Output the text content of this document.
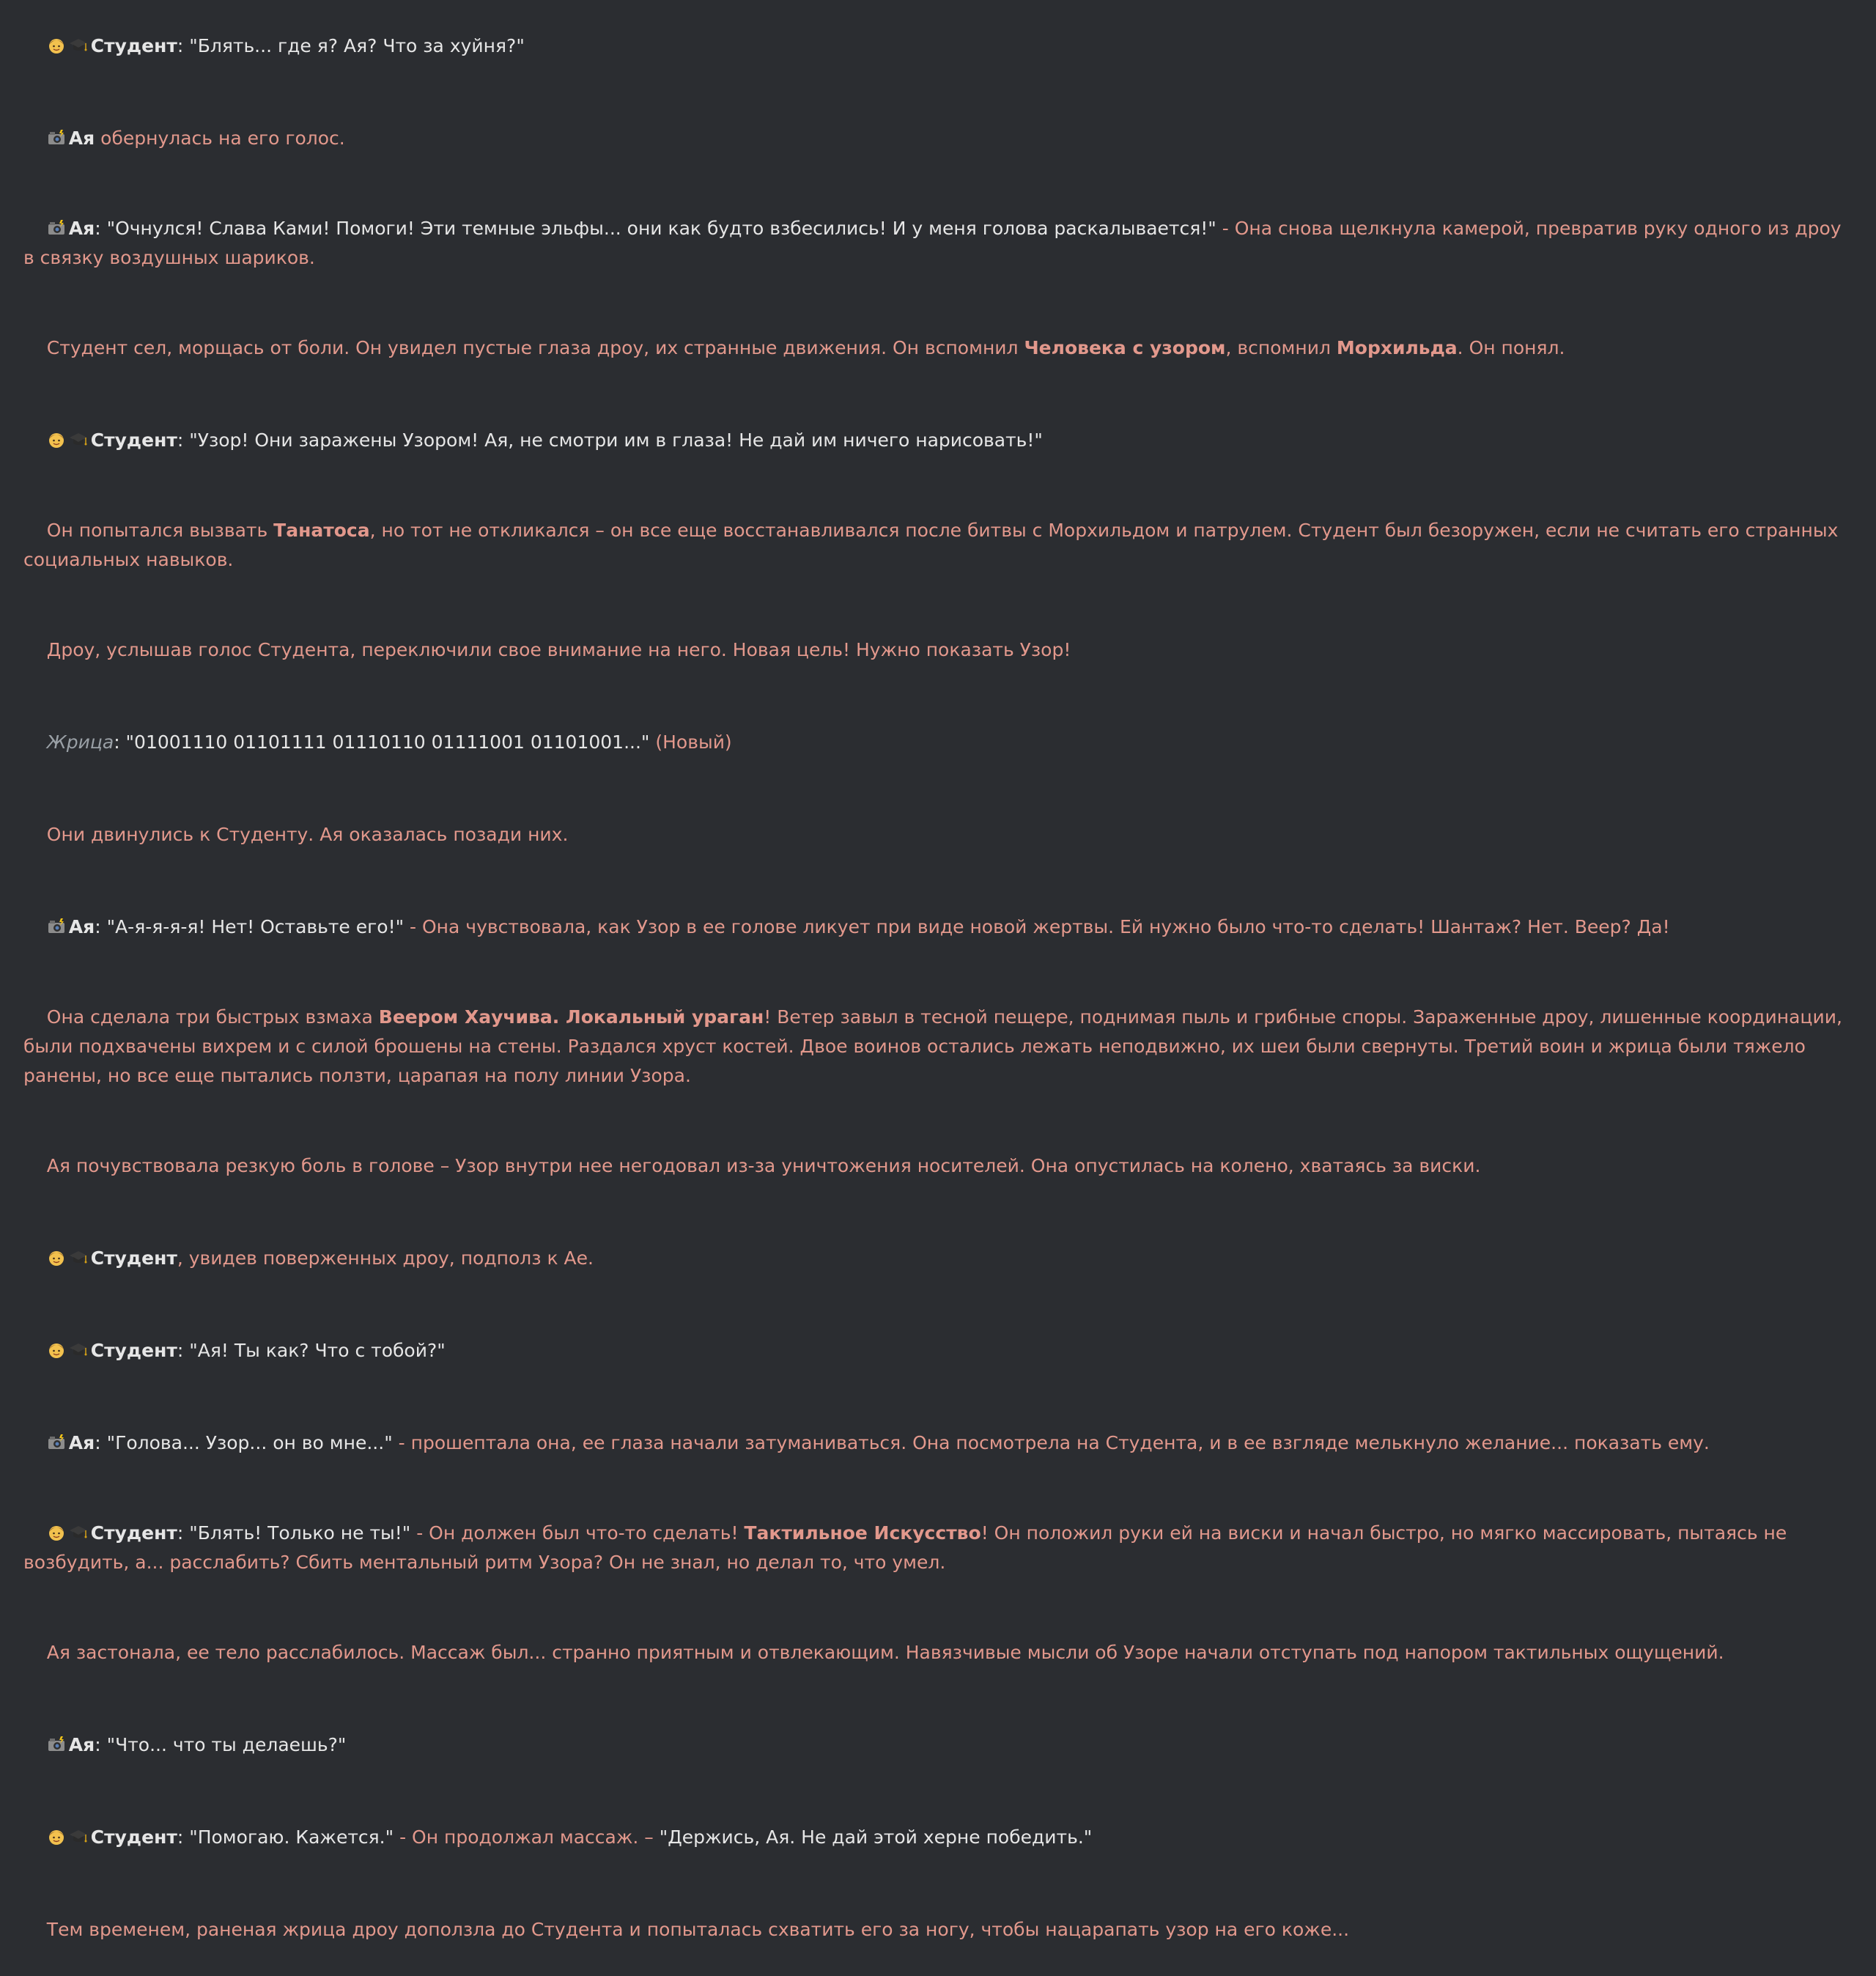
Студент: "Блять... где я? Ая? Что за хуйня?"

Ая обернулась на его голос.

Ая: "Очнулся! Слава Ками! Помоги! Эти темные эльфы... они как будто взбесились! И у меня голова раскалывается!" - Она снова щелкнула камерой, превратив руку одного из дроу в связку воздушных шариков.

Студент сел, морщась от боли. Он увидел пустые глаза дроу, их странные движения. Он вспомнил Человека с узором, вспомнил Морхильда. Он понял.

Студент: "Узор! Они заражены Узором! Ая, не смотри им в глаза! Не дай им ничего нарисовать!"

Он попытался вызвать Танатоса, но тот не откликался – он все еще восстанавливался после битвы с Морхильдом и патрулем. Студент был безоружен, если не считать его странных социальных навыков.

Дроу, услышав голос Студента, переключили свое внимание на него. Новая цель! Нужно показать Узор!

Жрица: "01001110 01101111 01110110 01111001 01101001..." (Новый)

Они двинулись к Студенту. Ая оказалась позади них.

Ая: "А-я-я-я-я! Нет! Оставьте его!" - Она чувствовала, как Узор в ее голове ликует при виде новой жертвы. Ей нужно было что-то сделать! Шантаж? Нет. Веер? Да!

Она сделала три быстрых взмаха Веером Хаучива. Локальный ураган! Ветер завыл в тесной пещере, поднимая пыль и грибные споры. Зараженные дроу, лишенные координации, были подхвачены вихрем и с силой брошены на стены. Раздался хруст костей. Двое воинов остались лежать неподвижно, их шеи были свернуты. Третий воин и жрица были тяжело ранены, но все еще пытались ползти, царапая на полу линии Узора.

Ая почувствовала резкую боль в голове – Узор внутри нее негодовал из-за уничтожения носителей. Она опустилась на колено, хватаясь за виски.

Студент, увидев поверженных дроу, подполз к Ае.

Студент: "Ая! Ты как? Что с тобой?"

Ая: "Голова... Узор... он во мне..." - прошептала она, ее глаза начали затуманиваться. Она посмотрела на Студента, и в ее взгляде мелькнуло желание... показать ему.

Студент: "Блять! Только не ты!" - Он должен был что-то сделать! Тактильное Искусство! Он положил руки ей на виски и начал быстро, но мягко массировать, пытаясь не возбудить, а... расслабить? Сбить ментальный ритм Узора? Он не знал, но делал то, что умел.

Ая застонала, ее тело расслабилось. Массаж был... странно приятным и отвлекающим. Навязчивые мысли об Узоре начали отступать под напором тактильных ощущений.

Ая: "Что... что ты делаешь?"

Студент: "Помогаю. Кажется." - Он продолжал массаж. – "Держись, Ая. Не дай этой херне победить."

Тем временем, раненая жрица дроу доползла до Студента и попыталась схватить его за ногу, чтобы нацарапать узор на его коже...
